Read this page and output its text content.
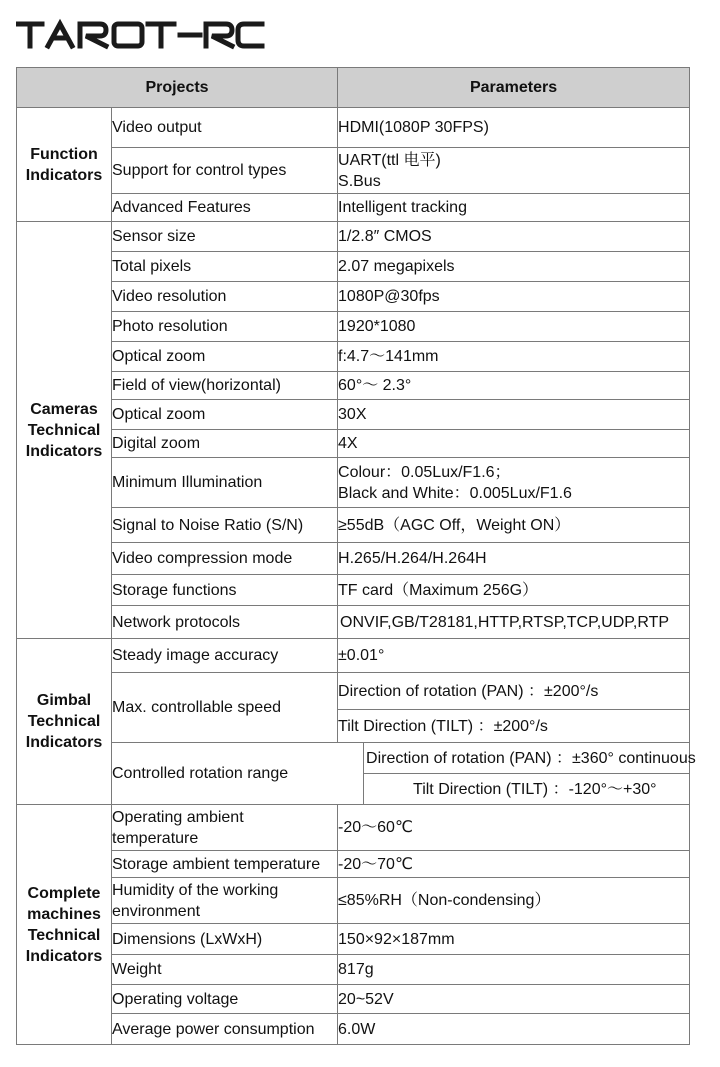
Projects		Parameters	

Function
Indicators	Video output	HDMI(1080P 30FPS)	

	Support for control types	UART(ttl 电平)
S.Bus	

	Advanced Features	Intelligent tracking	

Cameras
Technical
Indicators	Sensor size	1/2.8″ CMOS	

	Total pixels	2.07 megapixels	

	Video resolution	1080P@30fps	

	Photo resolution	1920*1080	

	Optical zoom	f:4.7～141mm	

	Field of view(horizontal)	60°～ 2.3°	

	Optical zoom	30X	

	Digital zoom	4X	

	Minimum Illumination	Colour：0.05Lux/F1.6；
Black and White：0.005Lux/F1.6	

	Signal to Noise Ratio (S/N)	≥55dB（AGC Off，Weight ON）	

	Video compression mode	H.265/H.264/H.264H	

	Storage functions	TF card（Maximum 256G）	

	Network protocols	ONVIF,GB/T28181,HTTP,RTSP,TCP,UDP,RTP	

Gimbal
Technical
Indicators	Steady image accuracy	±0.01°	
	Max. controllable speed	Direction of rotation (PAN) ：±200°/s	
		Tilt Direction (TILT) ：±200°/s	
	Controlled rotation range		Direction of rotation (PAN) ：±360° continuous
			Tilt Direction (TILT) ：-120°～+30°

Complete
machines
Technical
Indicators	Operating ambient
temperature	-20～60℃	

	Storage ambient temperature	-20～70℃	

	Humidity of the working
environment	≤85%RH（Non-condensing）	

	Dimensions (LxWxH)	150×92×187mm	

	Weight	817g	

	Operating voltage	20~52V	

	Average power consumption	6.0W	
